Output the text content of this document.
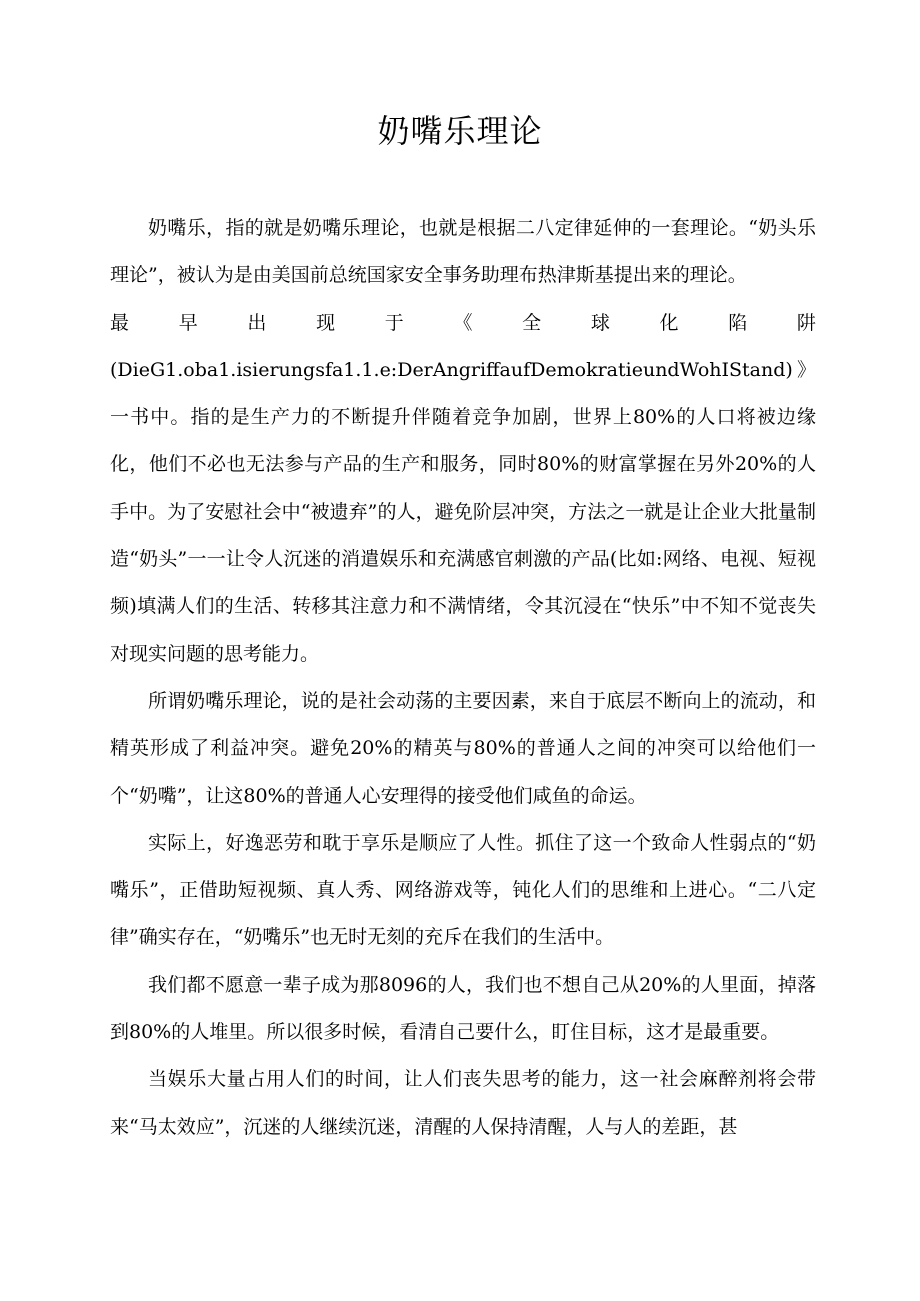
奶嘴乐理论

奶嘴乐，指的就是奶嘴乐理论，也就是根据二八定律延伸的一套理论。“奶头乐理论”，被认为是由美国前总统国家安全事务助理布热津斯基提出来的理论。

最	早	出	现	于	《	全	球	化	陷	阱

(DieG1.oba1.isierungsfa1.1.e:DerAngriffaufDemokratieundWohIStand)》一书中。指的是生产力的不断提升伴随着竞争加剧，世界上80%的人口将被边缘化，他们不必也无法参与产品的生产和服务，同时80%的财富掌握在另外20%的人手中。为了安慰社会中“被遗弃”的人，避免阶层冲突，方法之一就是让企业大批量制造“奶头”一一让令人沉迷的消遣娱乐和充满感官刺激的产品(比如:网络、电视、短视频)填满人们的生活、转移其注意力和不满情绪，令其沉浸在“快乐”中不知不觉丧失对现实问题的思考能力。

所谓奶嘴乐理论，说的是社会动荡的主要因素，来自于底层不断向上的流动，和精英形成了利益冲突。避免20%的精英与80%的普通人之间的冲突可以给他们一个“奶嘴”，让这80%的普通人心安理得的接受他们咸鱼的命运。

实际上，好逸恶劳和耽于享乐是顺应了人性。抓住了这一个致命人性弱点的“奶嘴乐”，正借助短视频、真人秀、网络游戏等，钝化人们的思维和上进心。“二八定律”确实存在，“奶嘴乐”也无时无刻的充斥在我们的生活中。

我们都不愿意一辈子成为那8096的人，我们也不想自己从20%的人里面，掉落到80%的人堆里。所以很多时候，看清自己要什么，盯住目标，这才是最重要。

当娱乐大量占用人们的时间，让人们丧失思考的能力，这一社会麻醉剂将会带来“马太效应”，沉迷的人继续沉迷，清醒的人保持清醒，人与人的差距，甚
